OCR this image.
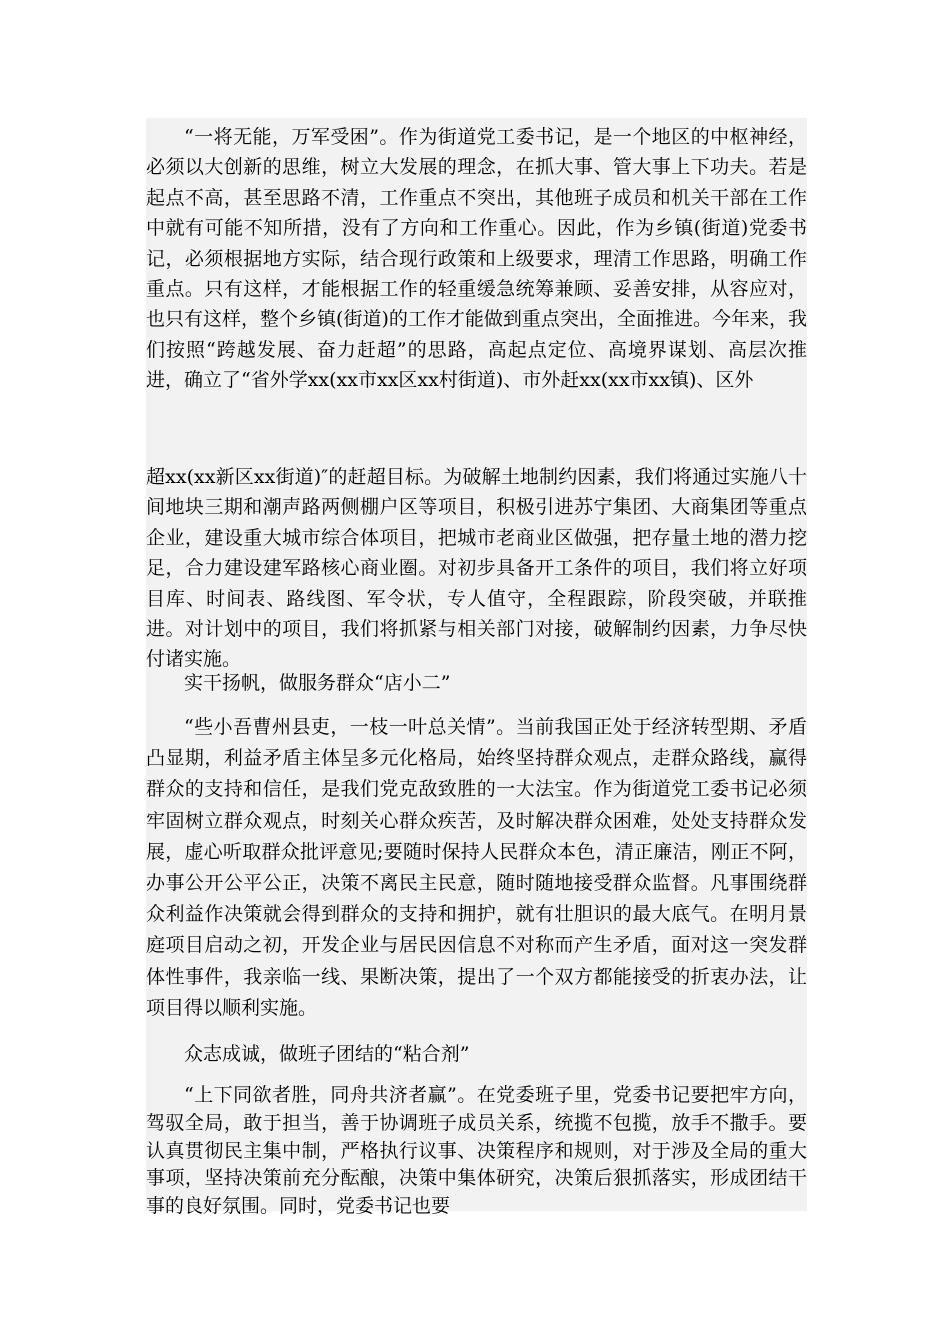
“一将无能，万军受困”。作为街道党工委书记，是一个地区的中枢神经，必须以大创新的思维，树立大发展的理念，在抓大事、管大事上下功夫。若是起点不高，甚至思路不清，工作重点不突出，其他班子成员和机关干部在工作中就有可能不知所措，没有了方向和工作重心。因此，作为乡镇(街道)党委书记，必须根据地方实际，结合现行政策和上级要求，理清工作思路，明确工作重点。只有这样，才能根据工作的轻重缓急统筹兼顾、妥善安排，从容应对，也只有这样，整个乡镇(街道)的工作才能做到重点突出，全面推进。今年来，我们按照“跨越发展、奋力赶超”的思路，高起点定位、高境界谋划、高层次推进，确立了“省外学xx(xx市xx区xx村街道)、市外赶xx(xx市xx镇)、区外

超xx(xx新区xx街道)″的赶超目标。为破解土地制约因素，我们将通过实施八十间地块三期和潮声路两侧棚户区等项目，积极引进苏宁集团、大商集团等重点企业，建设重大城市综合体项目，把城市老商业区做强，把存量土地的潜力挖足，合力建设建军路核心商业圈。对初步具备开工条件的项目，我们将立好项目库、时间表、路线图、军令状，专人值守，全程跟踪，阶段突破，并联推进。对计划中的项目，我们将抓紧与相关部门对接，破解制约因素，力争尽快付诸实施。

实干扬帆，做服务群众“店小二”

“些小吾曹州县吏，一枝一叶总关情”。当前我国正处于经济转型期、矛盾凸显期，利益矛盾主体呈多元化格局，始终坚持群众观点，走群众路线，赢得群众的支持和信任，是我们党克敌致胜的一大法宝。作为街道党工委书记必须牢固树立群众观点，时刻关心群众疾苦，及时解决群众困难，处处支持群众发展，虚心听取群众批评意见;要随时保持人民群众本色，清正廉洁，刚正不阿，办事公开公平公正，决策不离民主民意，随时随地接受群众监督。凡事围绕群众利益作决策就会得到群众的支持和拥护，就有壮胆识的最大底气。在明月景庭项目启动之初，开发企业与居民因信息不对称而产生矛盾，面对这一突发群体性事件，我亲临一线、果断决策，提出了一个双方都能接受的折衷办法，让项目得以顺利实施。

众志成诚，做班子团结的“粘合剂”

“上下同欲者胜，同舟共济者赢”。在党委班子里，党委书记要把牢方向，驾驭全局，敢于担当，善于协调班子成员关系，统揽不包揽，放手不撒手。要认真贯彻民主集中制，严格执行议事、决策程序和规则，对于涉及全局的重大事项，坚持决策前充分酝酿，决策中集体研究，决策后狠抓落实，形成团结干事的良好氛围。同时，党委书记也要
